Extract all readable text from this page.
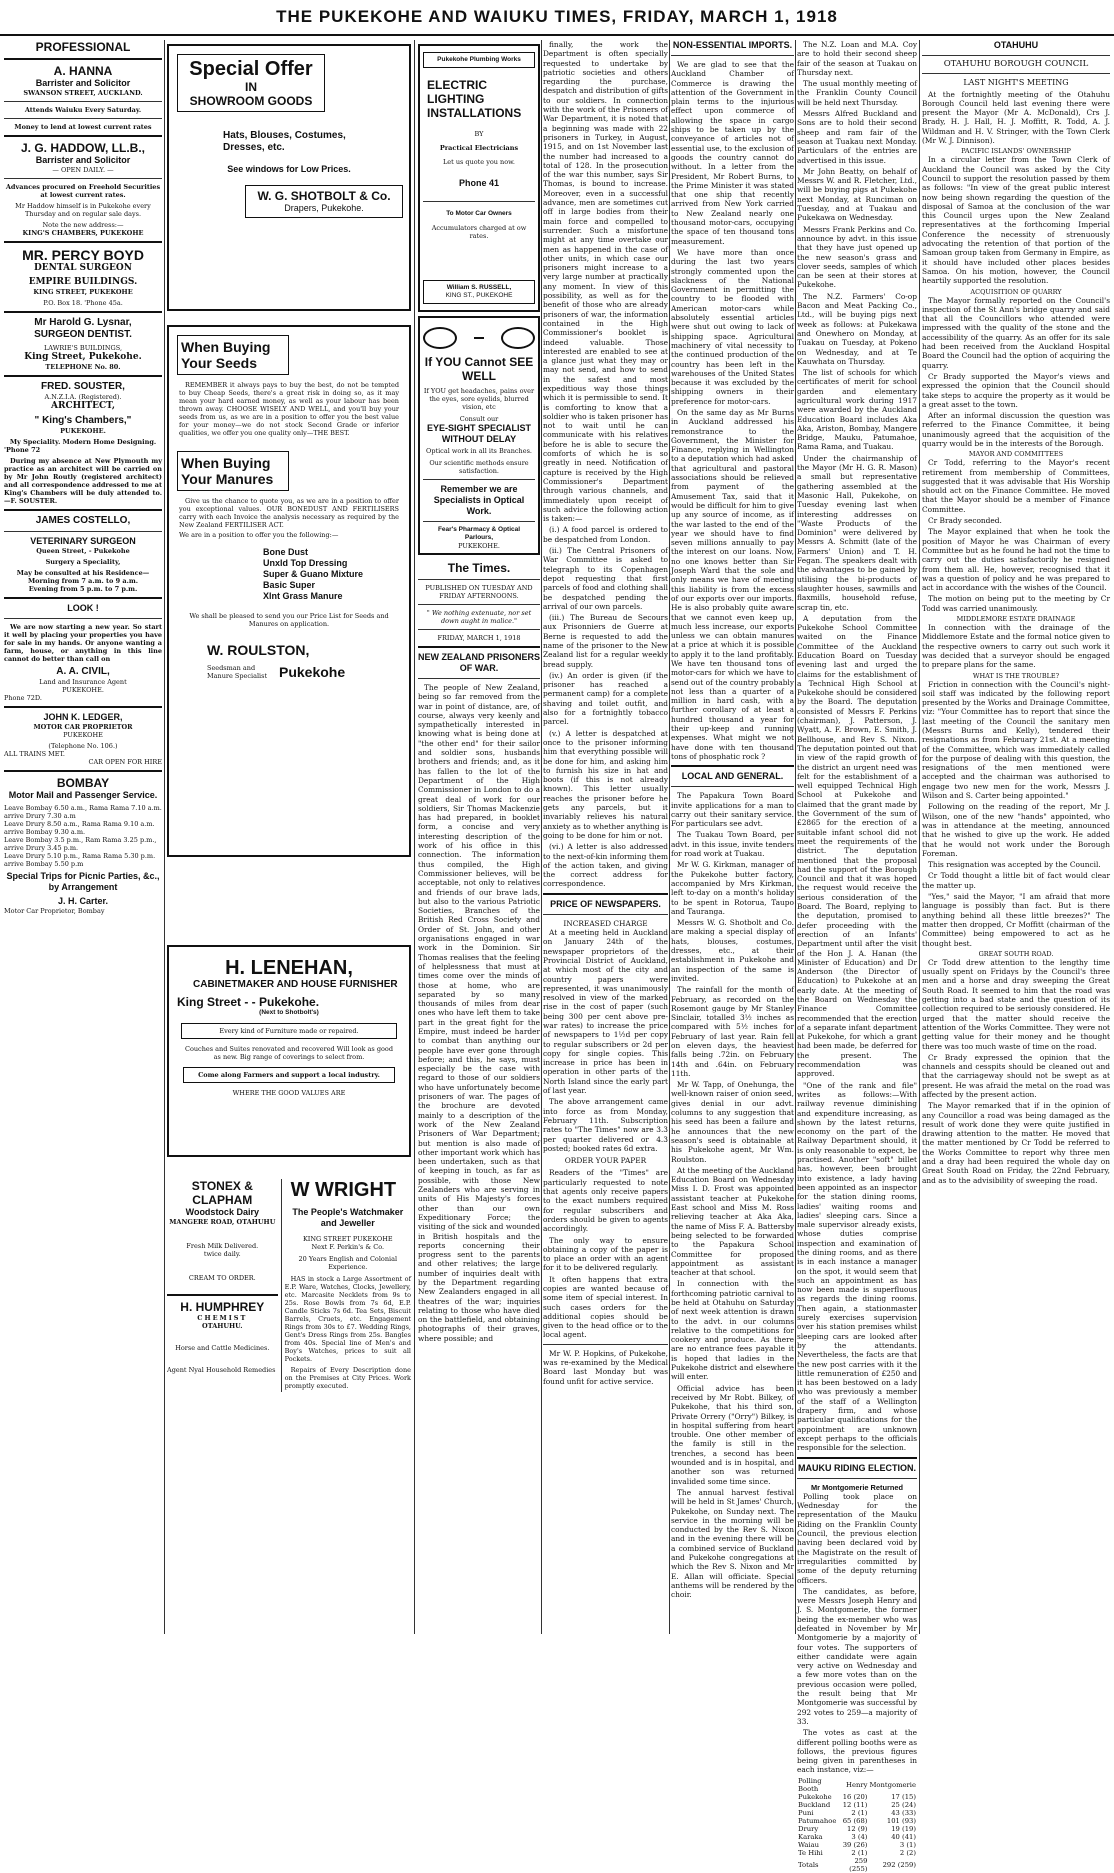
THE PUKEKOHE AND WAIUKU TIMES, FRIDAY, MARCH 1, 1918
PROFESSIONAL
A. HANNA
Barrister and Solicitor
SWANSON STREET, AUCKLAND.
Attends Waiuku Every Saturday.
Money to lend at lowest current rates
J. G. HADDOW, LL.B.,
Barrister and Solicitor
— OPEN DAILY. —
Advances procured on Freehold Securities at lowest current rates.
Mr Haddow himself is in Pukekohe every Thursday and on regular sale days.
Note the new address:—
KING'S CHAMBERS, PUKEKOHE
MR. PERCY BOYD
DENTAL SURGEON
EMPIRE BUILDINGS.
KING STREET, PUKEKOHE
P.O. Box 18. 'Phone 45a.
Mr Harold G. Lysnar,
SURGEON DENTIST.
LAWRIE'S BUILDINGS,
King Street, Pukekohe.
TELEPHONE No. 80.
FRED. SOUSTER,
A.N.Z.I.A. (Registered).
ARCHITECT,
" King's Chambers,"
PUKEKOHE.
My Speciality. Modern Home Designing.
'Phone 72

During my absence at New Plymouth my practice as an architect will be carried on by Mr John Routly (registered architect) and all correspondence addressed to me at King's Chambers will be duly attended to.—F. SOUSTER.

JAMES COSTELLO,
VETERINARY SURGEON
Queen Street, - Pukekohe
Surgery a Speciality,
May be consulted at his Residence—
Morning from 7 a.m. to 9 a.m.
Evening from 5 p.m. to 7 p.m.
LOOK !

We are now starting a new year. So start it well by placing your properties you have for sale in my hands. Or anyone wanting a farm, house, or anything in this line cannot do better than call on

A. A. CIVIL,
Land and Insurance Agent
PUKEKOHE.
Phone 72D.
JOHN K. LEDGER,
MOTOR CAR PROPRIETOR
PUKEKOHE
(Telephone No. 106.)
ALL TRAINS MET.
CAR OPEN FOR HIRE
BOMBAY
Motor Mail and Passenger Service.
Leave Bombay 6.50 a.m., Rama Rama 7.10 a.m. arrive Drury 7.30 a.m
Leave Drury 8.50 a.m., Rama Rama 9.10 a.m. arrive Bombay 9.30 a.m.
Leave Bombay 3.5 p.m., Ram Rama 3.25 p.m., arrive Drury 3.45 p.m.
Leave Drury 5.10 p.m., Rama Rama 5.30 p.m. arrive Bombay 5.50 p.m
Special Trips for Picnic Parties, &c., by Arrangement
J. H. Carter.
Motor Car Proprietor, Bombay
Special Offer
IN
SHOWROOM GOODS
Hats, Blouses, Costumes, Dresses, etc.
See windows for Low Prices.
W. G. SHOTBOLT & Co.
Drapers, Pukekohe.
When Buying Your Seeds

REMEMBER it always pays to buy the best, do not be tempted to buy Cheap Seeds, there's a great risk in doing so, as it may mean your hard earned money, as well as your labour has been thrown away. CHOOSE WISELY AND WELL, and you'll buy your seeds from us, as we are in a position to offer you the best value for your money—we do not stock Second Grade or inferior qualities, we offer you one quality only—THE BEST.

When Buying Your Manures

Give us the chance to quote you, as we are in a position to offer you exceptional values. OUR BONEDUST AND FERTILISERS carry with each Invoice the analysis necessary as required by the New Zealand FERTILISER ACT.

We are in a position to offer you the following:—
Bone Dust
Unxld Top Dressing
Super & Guano Mixture
Basic Super
Xlnt Grass Manure
We shall be pleased to send you our Price List for Seeds and Manures on application.
W. ROULSTON,
Seedsman and Manure Specialist Pukekohe
H. LENEHAN,
CABINETMAKER AND HOUSE FURNISHER
King Street - - Pukekohe.
(Next to Shotbolt's)
Every kind of Furniture made or repaired.
Couches and Suites renovated and recovered Will look as good as new. Big range of coverings to select from.
Come along Farmers and support a local industry.
WHERE THE GOOD VALUES ARE
STONEX & CLAPHAM
Woodstock Dairy
MANGERE ROAD, OTAHUHU
Fresh Milk Delivered. twice daily.
CREAM TO ORDER.
H. HUMPHREY
CHEMIST
OTAHUHU.
Horse and Cattle Medicines.
Agent Nyal Household Remedies
W WRIGHT
The People's Watchmaker and Jeweller
KING STREET PUKEKOHE
Next F. Perkin's & Co.
20 Years English and Colonial Experience.

HAS in stock a Large Assortment of E.P. Ware, Watches, Clocks, Jewellery, etc. Marcasite Necklets from 9s to 25s. Rose Bowls from 7s 6d, E.P. Candle Sticks 7s 6d. Tea Sets, Biscuit Barrels, Cruets, etc. Engagement Rings from 30s to £7. Wedding Rings, Gent's Dress Rings from 25s. Bangles from 40s. Special line of Men's and Boy's Watches, prices to suit all Pockets.

Repairs of Every Description done on the Premises at City Prices. Work promptly executed.

Pukekohe Plumbing Works
ELECTRIC LIGHTING INSTALLATIONS
BY
Practical Electricians
Let us quote you now.
Phone 41
To Motor Car Owners
Accumulators charged at ow rates.
William S. RUSSELL,
KING ST., PUKEKOHE
If YOU Cannot SEE WELL
If YOU get headaches, pains over the eyes, sore eyelids, blurred vision, etc
Consult our
EYE-SIGHT SPECIALIST WITHOUT DELAY
Optical work in all its Branches.
Our scientific methods ensure satisfaction.
Remember we are Specialists in Optical Work.
Fear's Pharmacy & Optical Parlours,
PUKEKOHE.
The Times.
PUBLISHED ON TUESDAY AND FRIDAY AFTERNOONS.
" We nothing extenuate, nor set down aught in malice."
FRIDAY, MARCH 1, 1918
NEW ZEALAND PRISONERS OF WAR.

The people of New Zealand, being so far removed from the war in point of distance, are, of course, always very keenly and sympathetically interested in knowing what is being done at "the other end" for their sailor and soldier sons, husbands brothers and friends; and, as it has fallen to the lot of the Department of the High Commissioner in London to do a great deal of work for our soldiers, Sir Thomas Mackenzie has had prepared, in booklet form, a concise and very interesting description of the work of his office in this connection. The information thus compiled, the High Commissioner believes, will be acceptable, not only to relatives and friends of our brave lads, but also to the various Patriotic Societies, Branches of the British Red Cross Society and Order of St. John, and other organisations engaged in war work in the Dominion. Sir Thomas realises that the feeling of helplessness that must at times come over the minds of those at home, who are separated by so many thousands of miles from dear ones who have left them to take part in the great fight for the Empire, must indeed be harder to combat than anything our people have ever gone through before; and this, he says, must especially be the case with regard to those of our soldiers who have unfortunately become prisoners of war. The pages of the brochure are devoted mainly to a description of the work of the New Zealand Prisoners of War Department; but mention is also made of other important work which has been undertaken, such as that of keeping in touch, as far as possible, with those New Zealanders who are serving in units of His Majesty's forces other than our own Expeditionary Force; the visiting of the sick and wounded in British hospitals and the reports concerning their progress sent to the parents and other relatives; the large number of inquiries dealt with by the Department regarding New Zealanders engaged in all theatres of the war; inquiries relating to those who have died on the battlefield, and obtaining photographs of their graves, where possible; and

finally, the work the Department is often specially requested to undertake by patriotic societies and others regarding the purchase, despatch and distribution of gifts to our soldiers. In connection with the work of the Prisoners of War Department, it is noted that a beginning was made with 22 prisoners in Turkey, in August, 1915, and on 1st November last the number had increased to a total of 128. In the prosecution of the war this number, says Sir Thomas, is bound to increase. Moreover, even in a successful advance, men are sometimes cut off in large bodies from their main force and compelled to surrender. Such a misfortune might at any time overtake our men as happened in the case of other units, in which case our prisoners might increase to a very large number at practically any moment. In view of this possibility, as well as for the benefit of those who are already prisoners of war, the information contained in the High Commissioner's booklet is indeed valuable. Those interested are enabled to see at a glance just what they may or may not send, and how to send in the safest and most expeditious way those things which it is permissible to send. It is comforting to know that a soldier who is taken prisoner has not to wait until he can communicate with his relatives before he is able to secure the comforts of which he is so greatly in need. Notification of capture is received by the High Commissioner's Department through various channels, and immediately upon receipt of such advice the following action is taken:—

(i.) A food parcel is ordered to be despatched from London.

(ii.) The Central Prisoners of War Committee is asked to telegraph to its Copenhagen depot requesting that first parcels of food and clothing shall be despatched pending the arrival of our own parcels.

(iii.) The Bureau de Secours aux Prisonniers de Guerre at Berne is requested to add the name of the prisoner to the New Zealand list for a regular weekly bread supply.

(iv.) An order is given (if the prisoner has reached a permanent camp) for a complete shaving and toilet outfit, and also for a fortnightly tobacco parcel.

(v.) A letter is despatched at once to the prisoner informing him that everything possible will be done for him, and asking him to furnish his size in hat and boots (if this is not already known). This letter usually reaches the prisoner before he gets any parcels, but it invariably relieves his natural anxiety as to whether anything is going to be done for him or not.

(vi.) A letter is also addressed to the next-of-kin informing them of the action taken, and giving the correct address for correspondence.

PRICE OF NEWSPAPERS.
INCREASED CHARGE

At a meeting held in Auckland on January 24th of the newspaper proprietors of the Provincial District of Auckland, at which most of the city and country papers were represented, it was unanimously resolved in view of the marked rise in the cost of paper (such being 300 per cent above pre-war rates) to increase the price of newspapers to 1½d per copy to regular subscribers or 2d per copy for single copies. This increase in price has been in operation in other parts of the North Island since the early part of last year.

The above arrangement came into force as from Monday, February 11th. Subscription rates to "The Times" now are 3.3 per quarter delivered or 4.3 posted; booked rates 6d extra.

ORDER YOUR PAPER

Readers of the "Times" are particularly requested to note that agents only receive papers to the exact numbers required for regular subscribers and orders should be given to agents accordingly.

The only way to ensure obtaining a copy of the paper is to place an order with an agent for it to be delivered regularly.

It often happens that extra copies are wanted because of some item of special interest. In such cases orders for the additional copies should be given to the head office or to the local agent.

Mr W. P. Hopkins, of Pukekohe, was re-examined by the Medical Board last Monday but was found unfit for active service.

NON-ESSENTIAL IMPORTS.

We are glad to see that the Auckland Chamber of Commerce is drawing the attention of the Government in plain terms to the injurious effect upon commerce of allowing the space in cargo ships to be taken up by the conveyance of articles not of essential use, to the exclusion of goods the country cannot do without. In a letter from the President, Mr Robert Burns, to the Prime Minister it was stated that one ship that recently arrived from New York carried to New Zealand nearly one thousand motor-cars, occupying the space of ten thousand tons measurement.

We have more than once during the last two years strongly commented upon the slackness of the National Government in permitting the country to be flooded with American motor-cars while absolutely essential articles were shut out owing to lack of shipping space. Agricultural machinery of vital necessity to the continued production of the country has been left in the warehouses of the United States because it was excluded by the shipping owners in their preference for motor-cars.

On the same day as Mr Burns in Auckland addressed his remonstrance to the Government, the Minister for Finance, replying in Wellington to a deputation which had asked that agricultural and pastoral associations should be relieved from payment of the Amusement Tax, said that it would be difficult for him to give up any source of income, as if the war lasted to the end of the year we should have to find seven millions annually to pay the interest on our loans. Now, no one knows better than Sir Joseph Ward that the sole and only means we have of meeting this liability is from the excess of our exports over our imports. He is also probably quite aware that we cannot even keep up, much less increase, our exports unless we can obtain manures at a price at which it is possible to apply it to the land profitably. We have ten thousand tons of motor-cars for which we have to send out of the country probably not less than a quarter of a million in hard cash, with a further corollary of at least a hundred thousand a year for their up-keep and running expenses. What might we not have done with ten thousand tons of phosphatic rock ?

LOCAL AND GENERAL.

The Papakura Town Board invite applications for a man to carry out their sanitary service. For particulars see advt.

The Tuakau Town Board, per advt. in this issue, invite tenders for road work at Tuakau.

Mr W. G. Kirkman, manager of the Pukekohe butter factory, accompanied by Mrs Kirkman, left to-day on a month's holiday to be spent in Rotorua, Taupo and Tauranga.

Messrs W. G. Shotbolt and Co. are making a special display of hats, blouses, costumes, dresses, etc., at their establishment in Pukekohe and an inspection of the same is invited.

The rainfall for the month of February, as recorded on the Rosemont gauge by Mr Stanley Sinclair, totalled 3½ inches as compared with 5½ inches for February of last year. Rain fell on eleven days, the heaviest falls being .72in. on February 14th and .64in. on February 11th.

Mr W. Tapp, of Onehunga, the well-known raiser of onion seed, gives denial in our advt. columns to any suggestion that his seed has been a failure and he announces that the new season's seed is obtainable at his Pukekohe agent, Mr Wm. Roulston.

At the meeting of the Auckland Education Board on Wednesday Miss I. D. Frost was appointed assistant teacher at Pukekohe East school and Miss M. Ross relieving teacher at Aka Aka, the name of Miss F. A. Battersby being selected to be forwarded to the Papakura School Committee for proposed appointment as assistant teacher at that school.

In connection with the forthcoming patriotic carnival to be held at Otahuhu on Saturday of next week attention is drawn to the advt. in our columns relative to the competitions for cookery and produce. As there are no entrance fees payable it is hoped that ladies in the Pukekohe district and elsewhere will enter.

Official advice has been received by Mr Robt. Bilkey, of Pukekohe, that his third son, Private Orrery ("Orry") Bilkey, is in hospital suffering from heart trouble. One other member of the family is still in the trenches, a second has been wounded and is in hospital, and another son was returned invalided some time since.

The annual harvest festival will be held in St James' Church, Pukekohe, on Sunday next. The service in the morning will be conducted by the Rev S. Nixon and in the evening there will be a combined service of Buckland and Pukekohe congregations at which the Rev S. Nixon and Mr E. Allan will officiate. Special anthems will be rendered by the choir.

The N.Z. Loan and M.A. Coy are to hold their second sheep fair of the season at Tuakau on Thursday next.

The usual monthly meeting of the Franklin County Council will be held next Thursday.

Messrs Alfred Buckland and Sons are to hold their second sheep and ram fair of the season at Tuakau next Monday. Particulars of the entries are advertised in this issue.

Mr John Beatty, on behalf of Messrs W. and R. Fletcher, Ltd., will be buying pigs at Pukekohe next Monday, at Runciman on Tuesday, and at Tuakau and Pukekawa on Wednesday.

Messrs Frank Perkins and Co. announce by advt. in this issue that they have just opened up the new season's grass and clover seeds, samples of which can be seen at their stores at Pukekohe.

The N.Z. Farmers' Co-op Bacon and Meat Packing Co., Ltd., will be buying pigs next week as follows: at Pukekawa and Onewhero on Monday, at Tuakau on Tuesday, at Pokeno on Wednesday, and at Te Kauwhata on Thursday.

The list of schools for which certificates of merit for school garden and elementary agricultural work during 1917 were awarded by the Auckland Education Board includes Aka Aka, Ariston, Bombay, Mangere Bridge, Mauku, Patumahoe, Rama Rama, and Tuakau.

Under the chairmanship of the Mayor (Mr H. G. R. Mason) a small but representative gathering assembled at the Masonic Hall, Pukekohe, on Tuesday evening last when interesting addresses on "Waste Products of the Dominion" were delivered by Messrs A. Schmitt (late of the Farmers' Union) and T. H. Fegan. The speakers dealt with the advantages to be gained by utilising the bi-products of slaughter houses, sawmills and flaxmills, household refuse, scrap tin, etc.

A deputation from the Pukekohe School Committee waited on the Finance Committee of the Auckland Education Board on Tuesday evening last and urged the claims for the establishment of a Technical High School at Pukekohe should be considered by the Board. The deputation consisted of Messrs F. Perkins (chairman), J. Patterson, J. Wyatt, A. F. Brown, E. Smith, J. Bellhouse, and Rev S. Nixon. The deputation pointed out that in view of the rapid growth of the district an urgent need was felt for the establishment of a well equipped Technical High School at Pukekohe and claimed that the grant made by the Government of the sum of £2865 for the erection of a suitable infant school did not meet the requirements of the district. The deputation mentioned that the proposal had the support of the Borough Council and that it was hoped the request would receive the serious consideration of the Board. The Board, replying to the deputation, promised to defer proceeding with the erection of an Infants' Department until after the visit of the Hon J. A. Hanan (the Minister of Education) and Dr Anderson (the Director of Education) to Pukekohe at an early date. At the meeting of the Board on Wednesday the Finance Committee recommended that the erection of a separate infant department at Pukekohe, for which a grant had been made, be deferred for the present. The recommendation was approved.

"One of the rank and file" writes as follows:—With railway revenue diminishing and expenditure increasing, as shown by the latest returns, economy on the part of the Railway Department should, it is only reasonable to expect, be practised. Another "soft" billet has, however, been brought into existence, a lady having been appointed as an inspector for the station dining rooms, ladies' waiting rooms and ladies' sleeping cars. Since a male supervisor already exists, whose duties comprise inspection and examination of the dining rooms, and as there is in each instance a manager on the spot, it would seem that such an appointment as has now been made is superfluous as regards the dining rooms. Then again, a stationmaster surely exercises supervision over his station premises whilst sleeping cars are looked after by the attendants. Nevertheless, the facts are that the new post carries with it the little remuneration of £250 and it has been bestowed on a lady who was previously a member of the staff of a Wellington drapery firm, and whose particular qualifications for the appointment are unknown except perhaps to the officials responsible for the selection.

MAUKU RIDING ELECTION.
Mr Montgomerie Returned

Polling took place on Wednesday for the representation of the Mauku Riding on the Franklin County Council, the previous election having been declared void by the Magistrate on the result of irregularities committed by some of the deputy returning officers.

The candidates, as before, were Messrs Joseph Henry and J. S. Montgomerie, the former being the ex-member who was defeated in November by Mr Montgomerie by a majority of four votes. The supporters of either candidate were again very active on Wednesday and a few more votes than on the previous occasion were polled, the result being that Mr Montgomerie was successful by 292 votes to 259—a majority of 33.

The votes as cast at the different polling booths were as follows, the previous figures being given in parentheses in each instance, viz:—

Polling Booth	Henry	Montgomerie
Pukekohe	16 (20)	17 (15)
Buckland	12 (11)	25 (24)
Puni	2 (1)	43 (33)
Patumahoe	65 (68)	101 (93)
Drury	12 (9)	19 (19)
Karaka	3 (4)	40 (41)
Waiau	39 (26)	3 (1)
Te Hihi	2 (1)	2 (2)
Totals	259 (255)	292 (259)
OTAHUHU
OTAHUHU BOROUGH COUNCIL
LAST NIGHT'S MEETING

At the fortnightly meeting of the Otahuhu Borough Council held last evening there were present the Mayor (Mr A. McDonald), Crs J. Brady, H. J. Hall, H. J. Moffitt, R. Todd, A. J. Wildman and H. V. Stringer, with the Town Clerk (Mr W. J. Dinnison).

PACIFIC ISLANDS' OWNERSHIP

In a circular letter from the Town Clerk of Auckland the Council was asked by the City Council to support the resolution passed by them as follows: "In view of the great public interest now being shown regarding the question of the disposal of Samoa at the conclusion of the war this Council urges upon the New Zealand representatives at the forthcoming Imperial Conference the necessity of strenuously advocating the retention of that portion of the Samoan group taken from Germany in Empire, as it should have included other places besides Samoa. On his motion, however, the Council heartily supported the resolution.

ACQUISITION OF QUARRY

The Mayor formally reported on the Council's inspection of the St Ann's bridge quarry and said that all the Councillors who attended were impressed with the quality of the stone and the accessibility of the quarry. As an offer for its sale had been received from the Auckland Hospital Board the Council had the option of acquiring the quarry.

Cr Brady supported the Mayor's views and expressed the opinion that the Council should take steps to acquire the property as it would be a great asset to the town.

After an informal discussion the question was referred to the Finance Committee, it being unanimously agreed that the acquisition of the quarry would be in the interests of the Borough.

MAYOR AND COMMITTEES

Cr Todd, referring to the Mayor's recent retirement from membership of Committees, suggested that it was advisable that His Worship should act on the Finance Committee. He moved that the Mayor should be a member of Finance Committee.

Cr Brady seconded.

The Mayor explained that when he took the position of Mayor he was Chairman of every Committee but as he found he had not the time to carry out the duties satisfactorily he resigned from them all. He, however, recognised that it was a question of policy and he was prepared to act in accordance with the wishes of the Council.

The motion on being put to the meeting by Cr Todd was carried unanimously.

MIDDLEMORE ESTATE DRAINAGE

In connection with the drainage of the Middlemore Estate and the formal notice given to the respective owners to carry out such work it was decided that a surveyor should be engaged to prepare plans for the same.

WHAT IS THE TROUBLE?

Friction in connection with the Council's night-soil staff was indicated by the following report presented by the Works and Drainage Committee, viz: "Your Committee has to report that since the last meeting of the Council the sanitary men (Messrs Burns and Kelly), tendered their resignations as from February 21st. At a meeting of the Committee, which was immediately called for the purpose of dealing with this question, the resignations of the men mentioned were accepted and the chairman was authorised to engage two new men for the work, Messrs J. Wilson and S. Carter being appointed."

Following on the reading of the report, Mr J. Wilson, one of the new "hands" appointed, who was in attendance at the meeting, announced that he wished to give up the work. He added that he would not work under the Borough Foreman.

This resignation was accepted by the Council.

Cr Todd thought a little bit of fact would clear the matter up.

"Yes," said the Mayor, "I am afraid that more language is possibly than fact. But is there anything behind all these little breezes?" The matter then dropped, Cr Moffitt (chairman of the Committee) being empowered to act as he thought best.

GREAT SOUTH ROAD.

Cr Todd drew attention to the lengthy time usually spent on Fridays by the Council's three men and a horse and dray sweeping the Great South Road. It seemed to him that the road was getting into a bad state and the question of its collection required to be seriously considered. He urged that the matter should receive the attention of the Works Committee. They were not getting value for their money and he thought there was too much waste of time on the road.

Cr Brady expressed the opinion that the channels and cesspits should be cleaned out and that the carriageway should not be swept as at present. He was afraid the metal on the road was affected by the present action.

The Mayor remarked that if in the opinion of any Councillor a road was being damaged as the result of work done they were quite justified in drawing attention to the matter. He moved that the matter mentioned by Cr Todd be referred to the Works Committee to report why three men and a dray had been required the whole day on Great South Road on Friday, the 22nd February, and as to the advisibility of sweeping the road.
